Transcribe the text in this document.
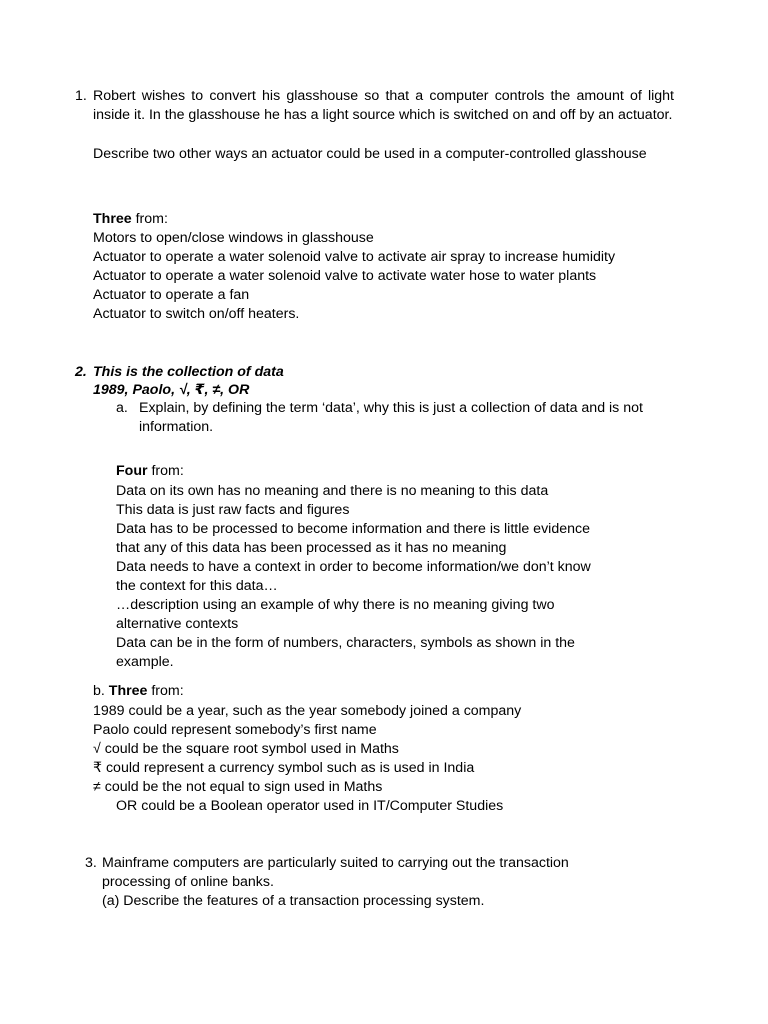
1. Robert wishes to convert his glasshouse so that a computer controls the amount of light inside it. In the glasshouse he has a light source which is switched on and off by an actuator.
Describe two other ways an actuator could be used in a computer-controlled glasshouse
Three from:
Motors to open/close windows in glasshouse
Actuator to operate a water solenoid valve to activate air spray to increase humidity
Actuator to operate a water solenoid valve to activate water hose to water plants
Actuator to operate a fan
Actuator to switch on/off heaters.
2. This is the collection of data
1989, Paolo, √, ₹, ≠, OR
a. Explain, by defining the term ‘data’, why this is just a collection of data and is not information.
Four from:
Data on its own has no meaning and there is no meaning to this data
This data is just raw facts and figures
Data has to be processed to become information and there is little evidence
that any of this data has been processed as it has no meaning
Data needs to have a context in order to become information/we don’t know
the context for this data…
…description using an example of why there is no meaning giving two
alternative contexts
Data can be in the form of numbers, characters, symbols as shown in the
example.
b. Three from:
1989 could be a year, such as the year somebody joined a company
Paolo could represent somebody’s first name
√ could be the square root symbol used in Maths
₹ could represent a currency symbol such as is used in India
≠ could be the not equal to sign used in Maths
OR could be a Boolean operator used in IT/Computer Studies
3. Mainframe computers are particularly suited to carrying out the transaction
processing of online banks.
(a) Describe the features of a transaction processing system.
